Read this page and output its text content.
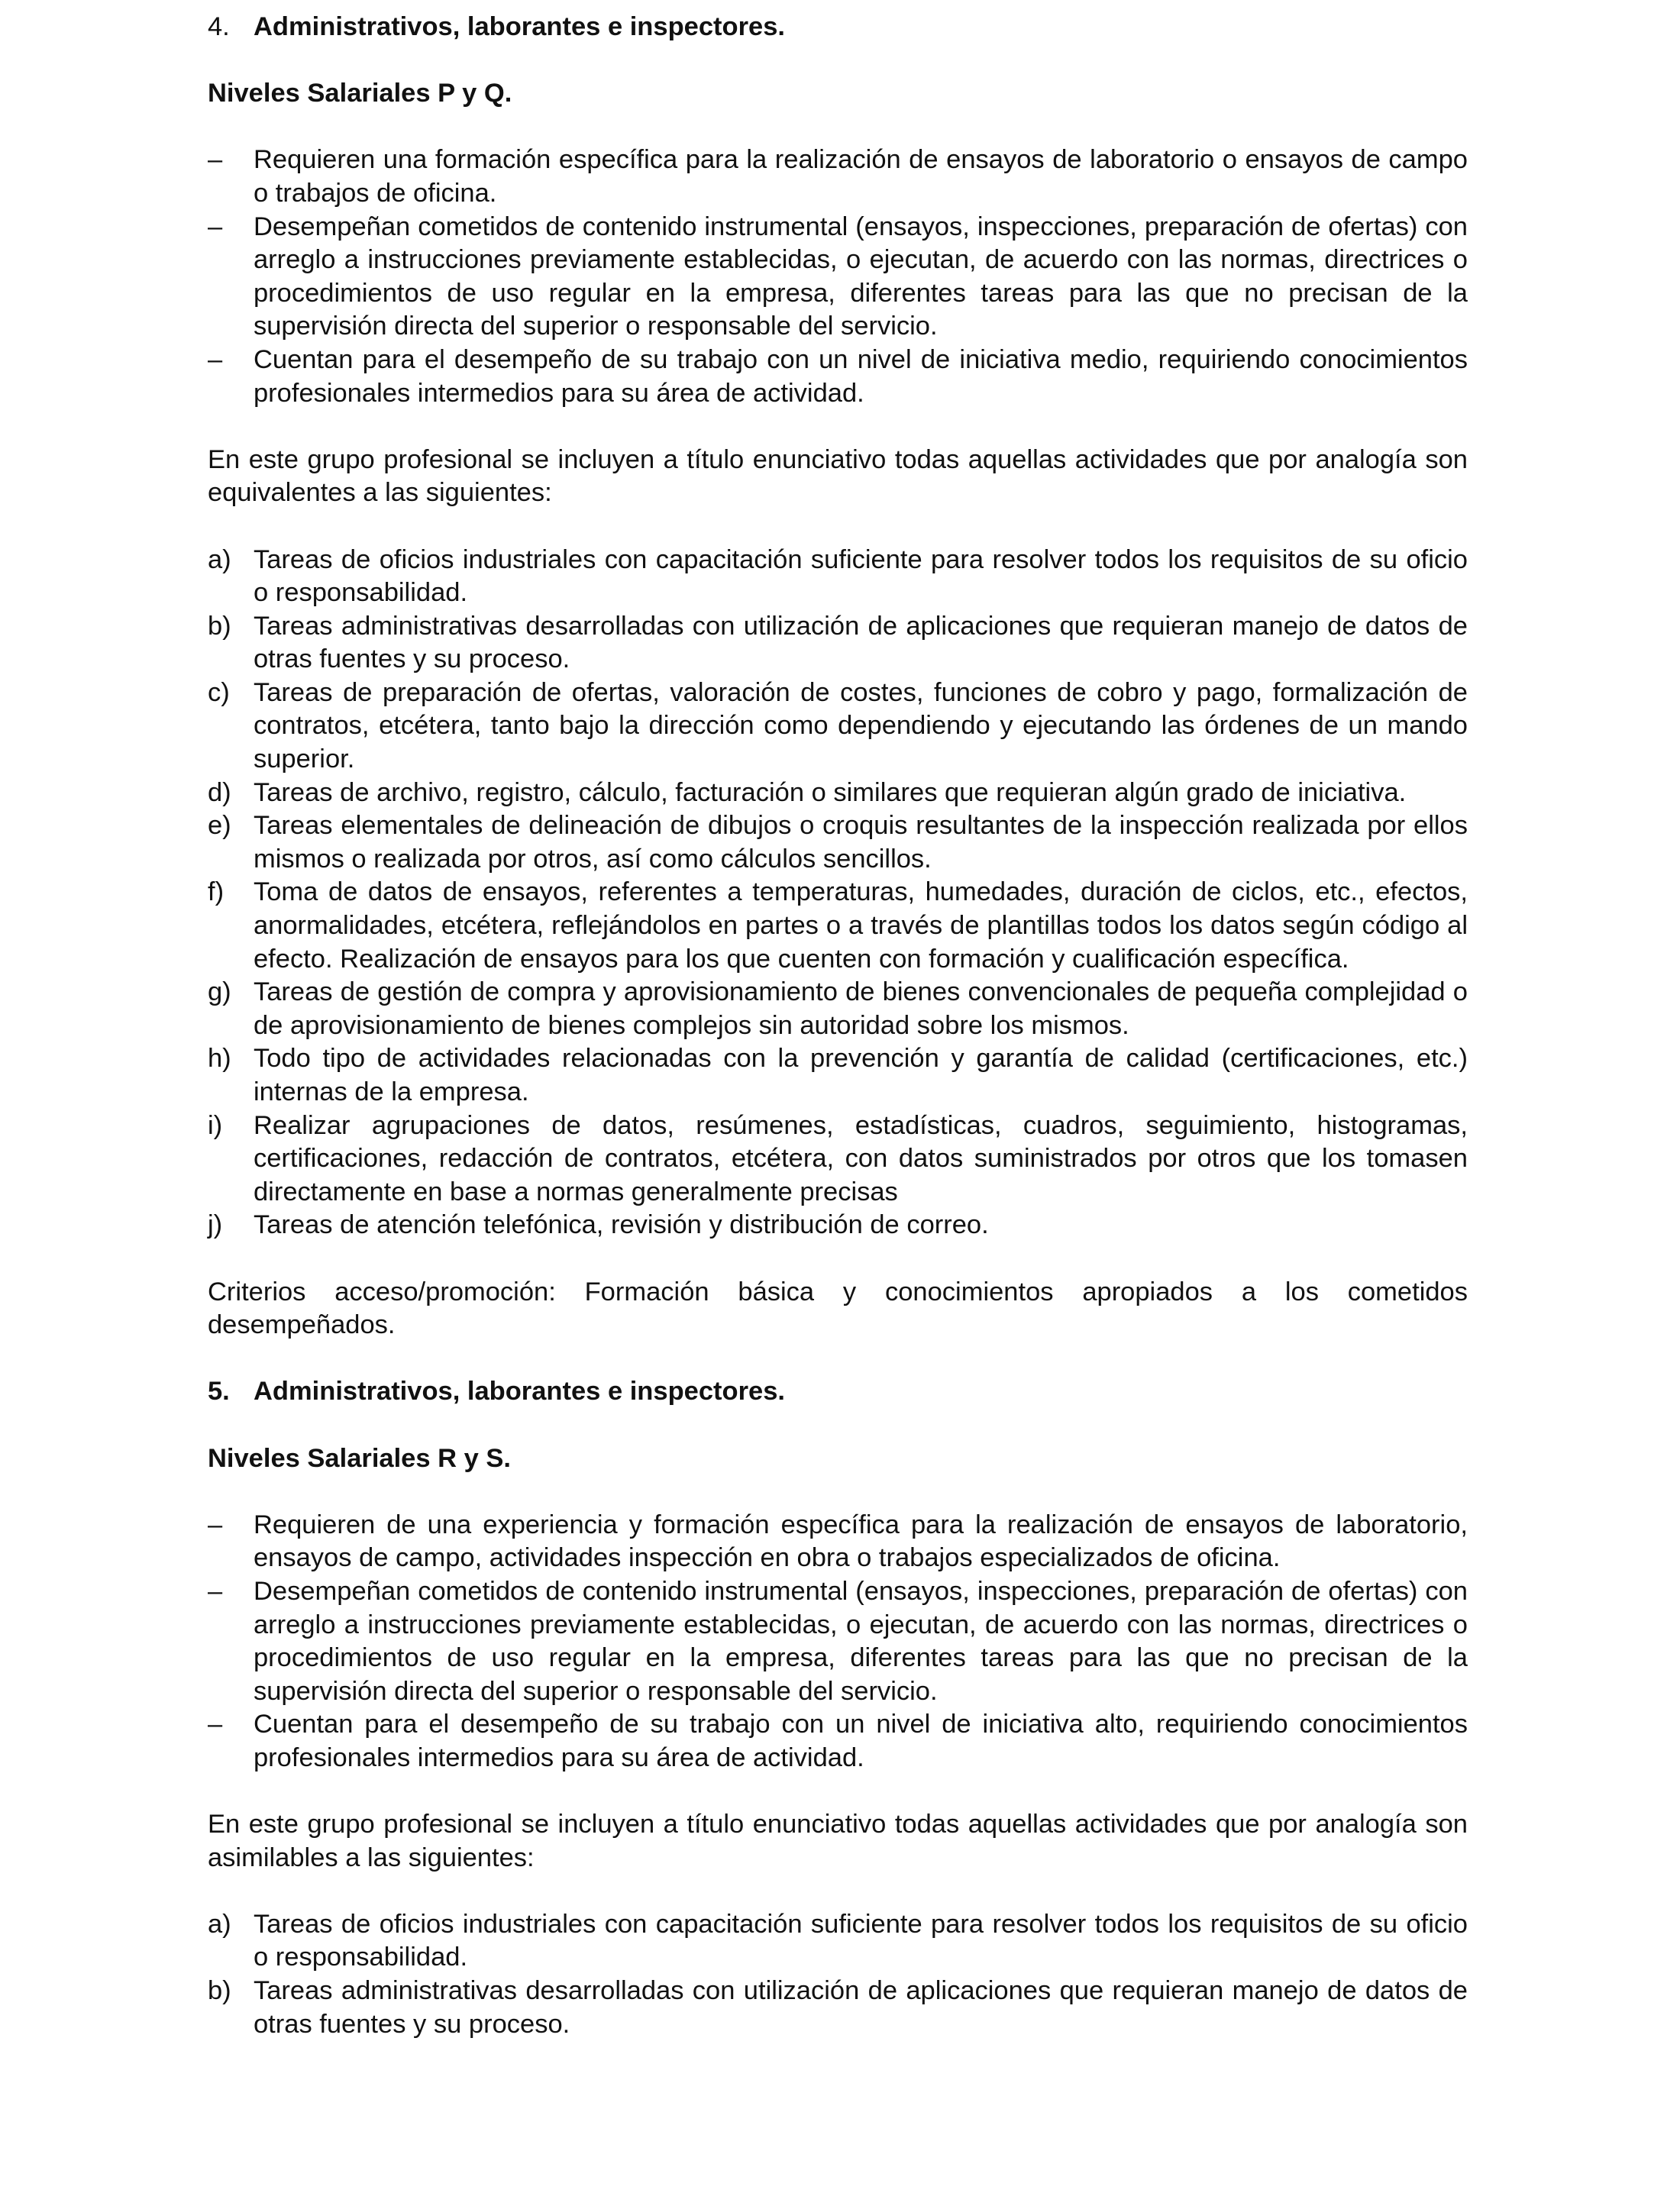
4. Administrativos, laborantes e inspectores.

Niveles Salariales P y Q.

–	Requieren una formación específica para la realización de ensayos de laboratorio o ensayos de campo o trabajos de oficina.
–	Desempeñan cometidos de contenido instrumental (ensayos, inspecciones, preparación de ofertas) con arreglo a instrucciones previamente establecidas, o ejecutan, de acuerdo con las normas, directrices o procedimientos de uso regular en la empresa, diferentes tareas para las que no precisan de la supervisión directa del superior o responsable del servicio.
–	Cuentan para el desempeño de su trabajo con un nivel de iniciativa medio, requiriendo conocimientos profesionales intermedios para su área de actividad.

En este grupo profesional se incluyen a título enunciativo todas aquellas actividades que por analogía son equivalentes a las siguientes:

a) Tareas de oficios industriales con capacitación suficiente para resolver todos los requisitos de su oficio o responsabilidad.
b) Tareas administrativas desarrolladas con utilización de aplicaciones que requieran manejo de datos de otras fuentes y su proceso.
c) Tareas de preparación de ofertas, valoración de costes, funciones de cobro y pago, formalización de contratos, etcétera, tanto bajo la dirección como dependiendo y ejecutando las órdenes de un mando superior.
d) Tareas de archivo, registro, cálculo, facturación o similares que requieran algún grado de iniciativa.
e) Tareas elementales de delineación de dibujos o croquis resultantes de la inspección realizada por ellos mismos o realizada por otros, así como cálculos sencillos.
f)	Toma de datos de ensayos, referentes a temperaturas, humedades, duración de ciclos, etc., efectos, anormalidades, etcétera, reflejándolos en partes o a través de plantillas todos los datos según código al efecto. Realización de ensayos para los que cuenten con formación y cualificación específica.
g) Tareas de gestión de compra y aprovisionamiento de bienes convencionales de pequeña complejidad o de aprovisionamiento de bienes complejos sin autoridad sobre los mismos.
h) Todo tipo de actividades relacionadas con la prevención y garantía de calidad (certificaciones, etc.) internas de la empresa.
i)	Realizar agrupaciones de datos, resúmenes, estadísticas, cuadros, seguimiento, histogramas, certificaciones, redacción de contratos, etcétera, con datos suministrados por otros que los tomasen directamente en base a normas generalmente precisas
j)	Tareas de atención telefónica, revisión y distribución de correo.

Criterios acceso/promoción: Formación básica y conocimientos apropiados a los cometidos desempeñados.

5. Administrativos, laborantes e inspectores.

Niveles Salariales R y S.

–	Requieren de una experiencia y formación específica para la realización de ensayos de laboratorio, ensayos de campo, actividades inspección en obra o trabajos especializados de oficina.
–	Desempeñan cometidos de contenido instrumental (ensayos, inspecciones, preparación de ofertas) con arreglo a instrucciones previamente establecidas, o ejecutan, de acuerdo con las normas, directrices o procedimientos de uso regular en la empresa, diferentes tareas para las que no precisan de la supervisión directa del superior o responsable del servicio.
–	Cuentan para el desempeño de su trabajo con un nivel de iniciativa alto, requiriendo conocimientos profesionales intermedios para su área de actividad.

En este grupo profesional se incluyen a título enunciativo todas aquellas actividades que por analogía son asimilables a las siguientes:

a) Tareas de oficios industriales con capacitación suficiente para resolver todos los requisitos de su oficio o responsabilidad.
b) Tareas administrativas desarrolladas con utilización de aplicaciones que requieran manejo de datos de otras fuentes y su proceso.
